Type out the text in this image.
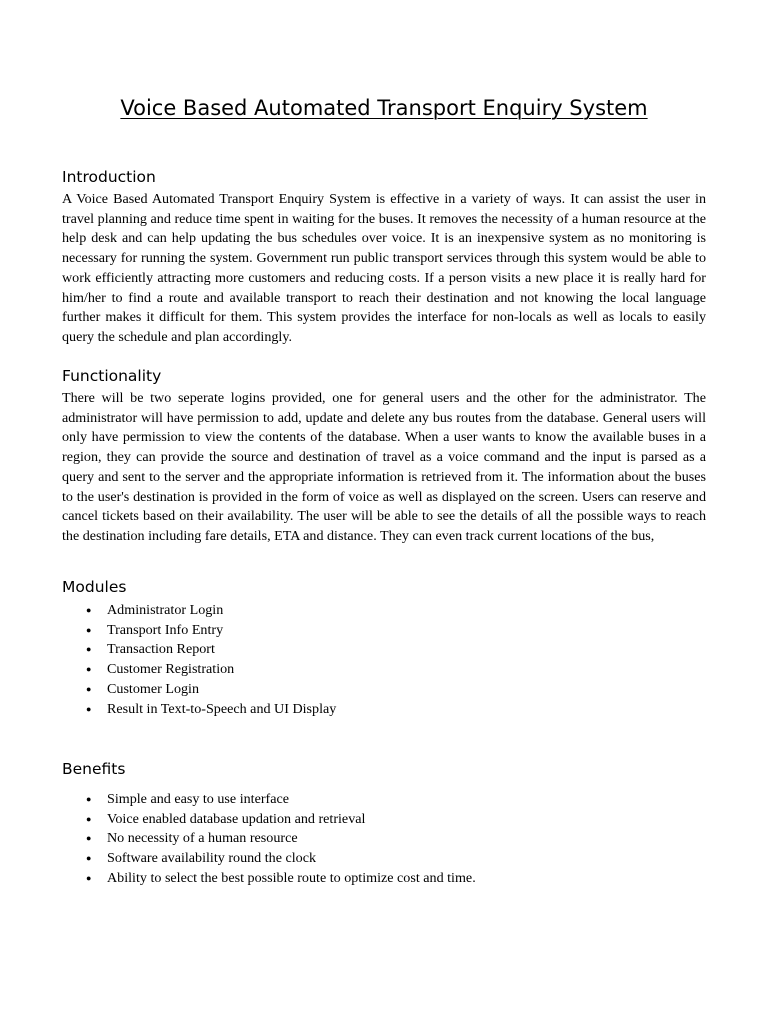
Voice Based Automated Transport Enquiry System
Introduction

A Voice Based Automated Transport Enquiry System is effective in a variety of ways. It can assist the user in travel planning and reduce time spent in waiting for the buses. It removes the necessity of a human resource at the help desk and can help updating the bus schedules over voice. It is an inexpensive system as no monitoring is necessary for running the system. Government run public transport services through this system would be able to work efficiently attracting more customers and reducing costs. If a person visits a new place it is really hard for him/her to find a route and available transport to reach their destination and not knowing the local language further makes it difficult for them. This system provides the interface for non-locals as well as locals to easily query the schedule and plan accordingly.

Functionality

There will be two seperate logins provided, one for general users and the other for the administrator. The administrator will have permission to add, update and delete any bus routes from the database. General users will only have permission to view the contents of the database. When a user wants to know the available buses in a region, they can provide the source and destination of travel as a voice command and the input is parsed as a query and sent to the server and the appropriate information is retrieved from it. The information about the buses to the user's destination is provided in the form of voice as well as displayed on the screen. Users can reserve and cancel tickets based on their availability. The user will be able to see the details of all the possible ways to reach the destination including fare details, ETA and distance. They can even track current locations of the bus,

Modules
● Administrator Login
● Transport Info Entry
● Transaction Report
● Customer Registration
● Customer Login
● Result in Text-to-Speech and UI Display
Benefits
● Simple and easy to use interface
● Voice enabled database updation and retrieval
● No necessity of a human resource
● Software availability round the clock
● Ability to select the best possible route to optimize cost and time.
